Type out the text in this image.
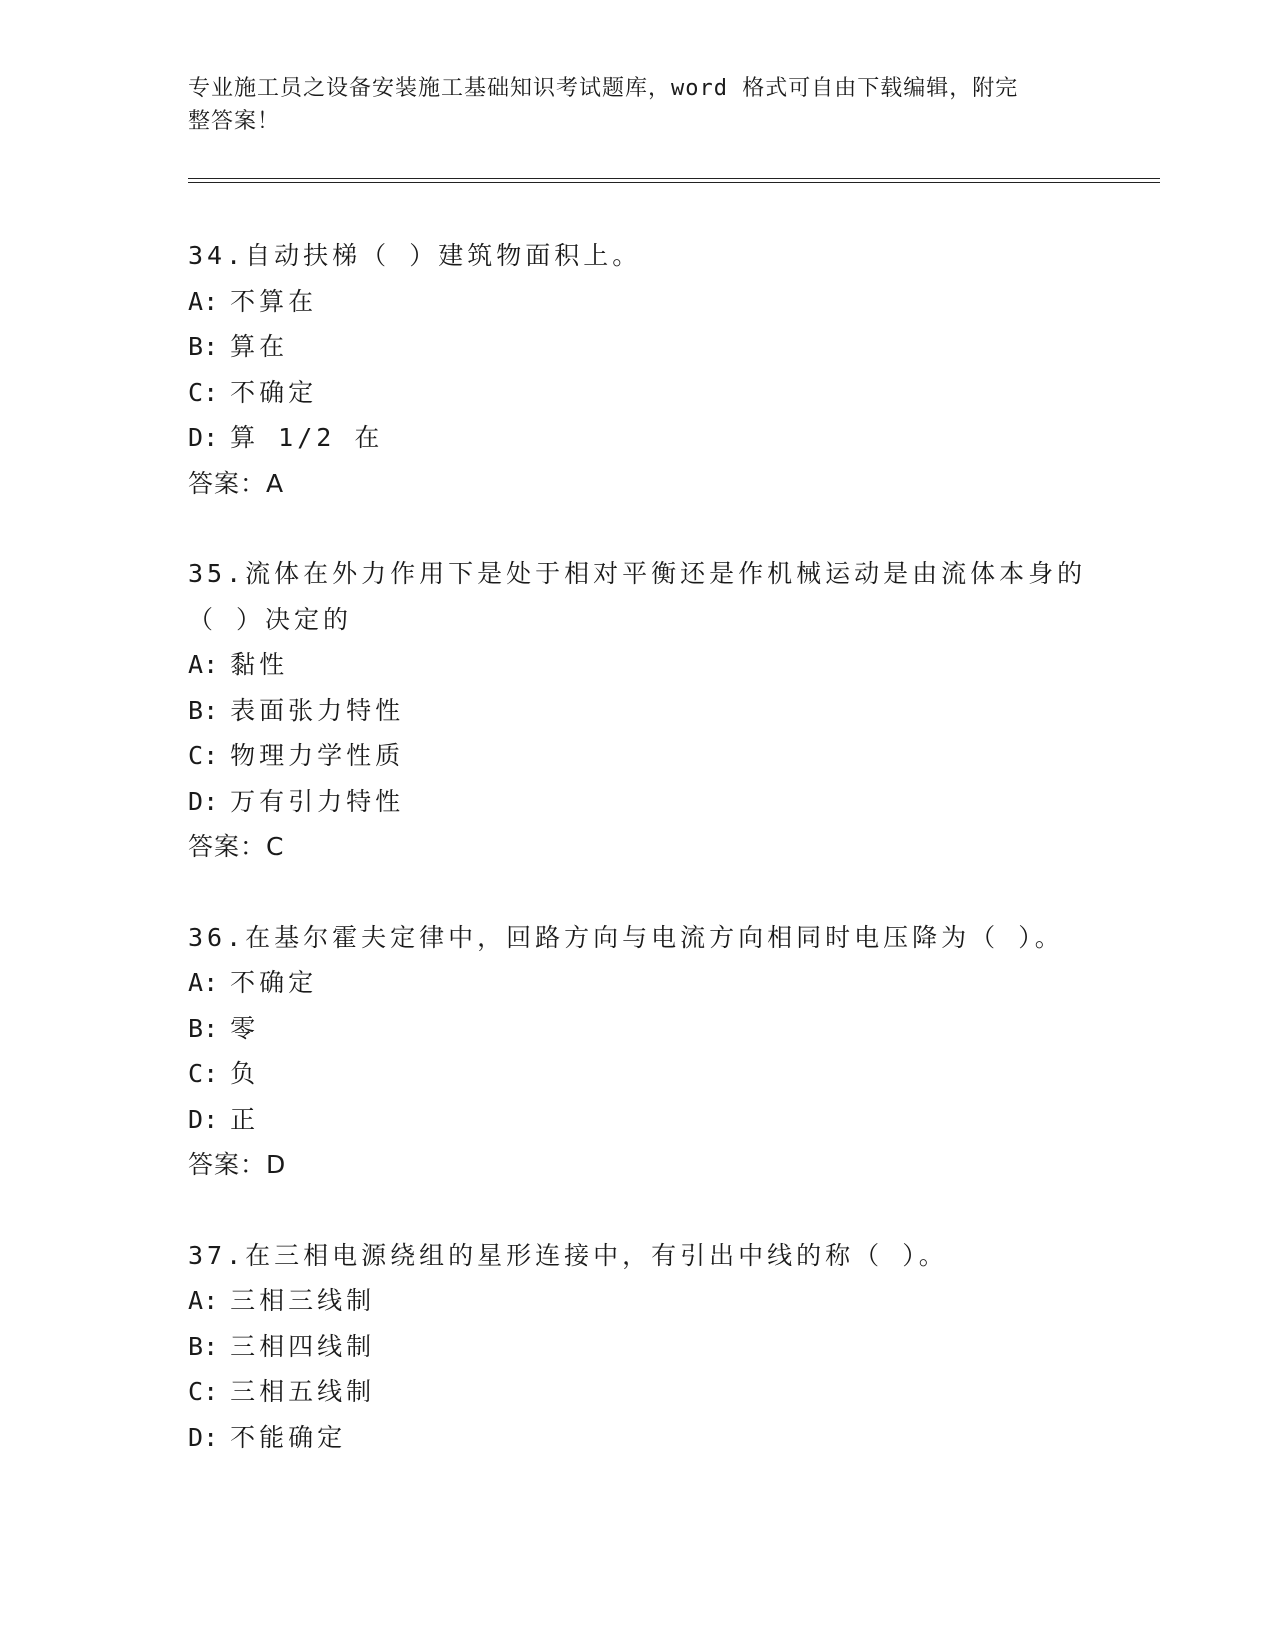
专业施工员之设备安装施工基础知识考试题库，word 格式可自由下载编辑，附完
整答案！
34.自动扶梯（ ）建筑物面积上。
A: 不算在
B: 算在
C: 不确定
D: 算 1/2 在
答案：A
35.流体在外力作用下是处于相对平衡还是作机械运动是由流体本身的
（ ）决定的
A: 黏性
B: 表面张力特性
C: 物理力学性质
D: 万有引力特性
答案：C
36.在基尔霍夫定律中，回路方向与电流方向相同时电压降为（ ）。
A: 不确定
B: 零
C: 负
D: 正
答案：D
37.在三相电源绕组的星形连接中，有引出中线的称（ ）。
A: 三相三线制
B: 三相四线制
C: 三相五线制
D: 不能确定
